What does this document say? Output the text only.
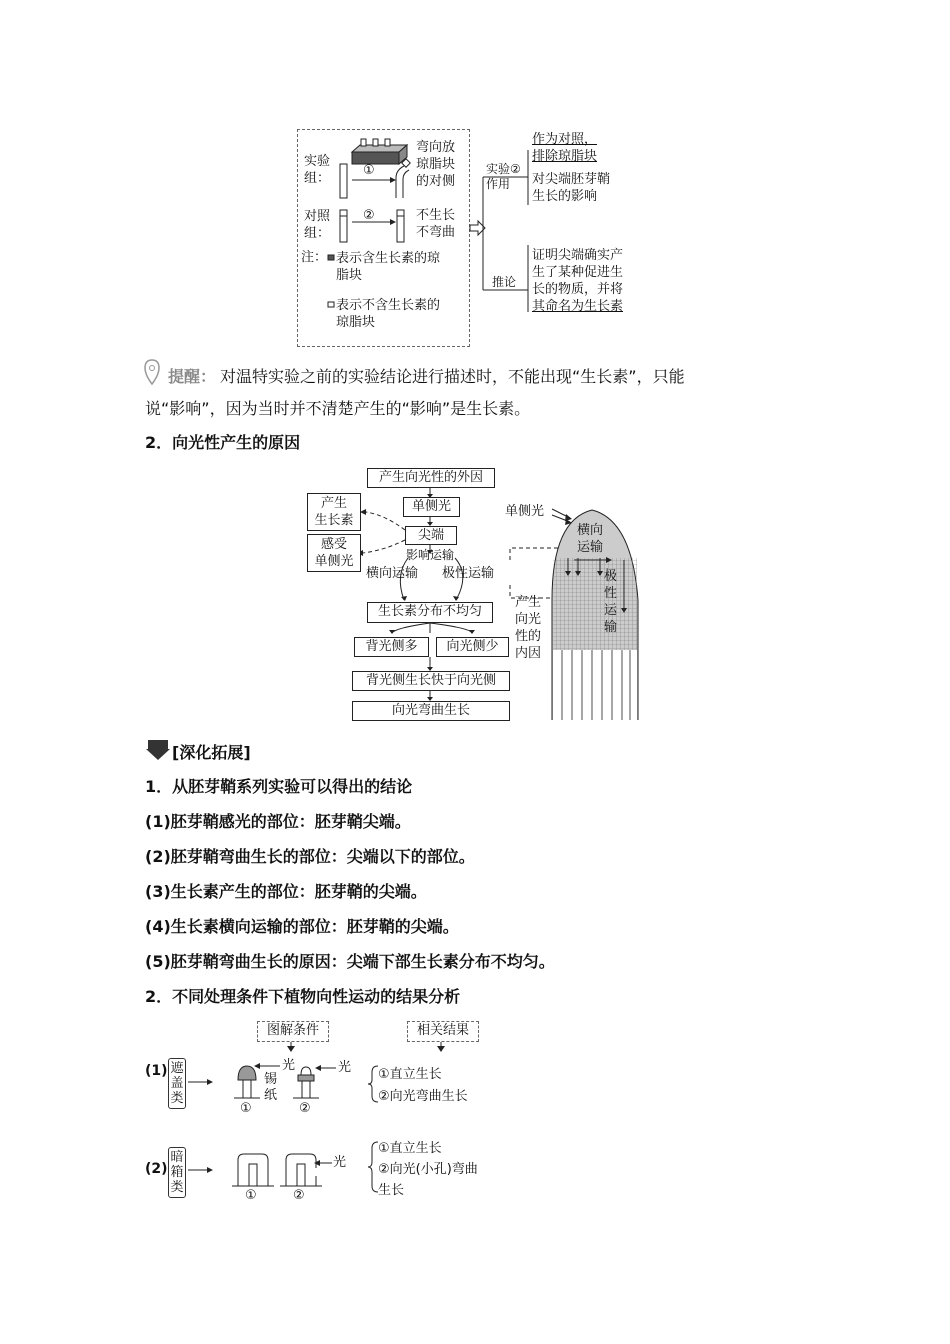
实验组：
①
弯向放
琼脂块
的对侧
对照组：
②	不生长
不弯曲
注： 表示含生长素的琼
脂块
表示不含生长素的
琼脂块
实验②作用
推论
作为对照，
排除琼脂块
对尖端胚芽鞘
生长的影响
证明尖端确实产
生了某种促进生
长的物质，并将
其命名为生长素
提醒： 对温特实验之前的实验结论进行描述时，不能出现“生长素”，只能
说“影响”，因为当时并不清楚产生的“影响”是生长素。
2．向光性产生的原因
产生向光性的外因
单侧光
尖端
产生
生长素
感受
单侧光	影响运输
横向运输 极性运输
生长素分布不均匀
背光侧多	向光侧少
背光侧生长快于向光侧
向光弯曲生长
产生
向光
性的
内因
单侧光
横向
运输
极
性
运
输
[深化拓展]
1．从胚芽鞘系列实验可以得出的结论
(1)胚芽鞘感光的部位：胚芽鞘尖端。
(2)胚芽鞘弯曲生长的部位：尖端以下的部位。
(3)生长素产生的部位：胚芽鞘的尖端。
(4)生长素横向运输的部位：胚芽鞘的尖端。
(5)胚芽鞘弯曲生长的原因：尖端下部生长素分布不均匀。
2．不同处理条件下植物向性运动的结果分析
图解条件	相关结果
(1) 遮
盖
类
光	光
锡
纸
①	②
①直立生长
②向光弯曲生长
(2)
暗
箱
类
光
①	②
①直立生长
②向光(小孔)弯曲
生长
